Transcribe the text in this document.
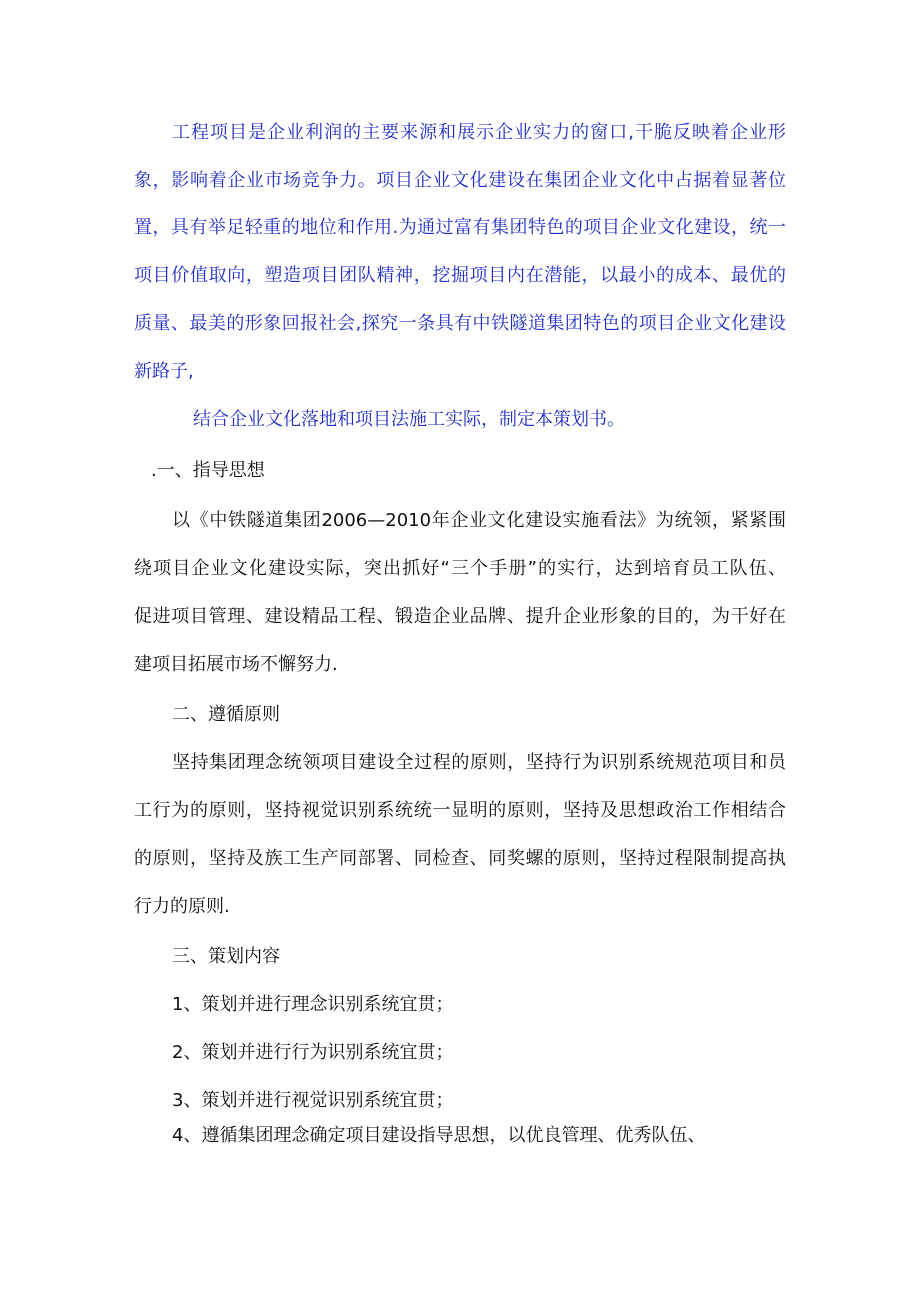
工程项目是企业利润的主要来源和展示企业实力的窗口,干脆反映着企业形
象，影响着企业市场竞争力。项目企业文化建设在集团企业文化中占据着显著位
置，具有举足轻重的地位和作用.为通过富有集团特色的项目企业文化建设，统一
项目价值取向，塑造项目团队精神，挖掘项目内在潜能，以最小的成本、最优的
质量、最美的形象回报社会,探究一条具有中铁隧道集团特色的项目企业文化建设
新路子,
结合企业文化落地和项目法施工实际，制定本策划书。
.一、指导思想
以《中铁隧道集团2006—2010年企业文化建设实施看法》为统领，紧紧围
绕项目企业文化建设实际，突出抓好“三个手册”的实行，达到培育员工队伍、
促进项目管理、建设精品工程、锻造企业品牌、提升企业形象的目的，为干好在
建项目拓展市场不懈努力.
二、遵循原则
坚持集团理念统领项目建设全过程的原则，坚持行为识别系统规范项目和员
工行为的原则，坚持视觉识别系统统一显明的原则，坚持及思想政治工作相结合
的原则，坚持及族工生产同部署、同检查、同奖螺的原则，坚持过程限制提高执
行力的原则.
三、策划内容
1、策划并进行理念识别系统宜贯；
2、策划并进行行为识别系统宜贯；
3、策划并进行视觉识别系统宜贯；
4、遵循集团理念确定项目建设指导思想，以优良管理、优秀队伍、
